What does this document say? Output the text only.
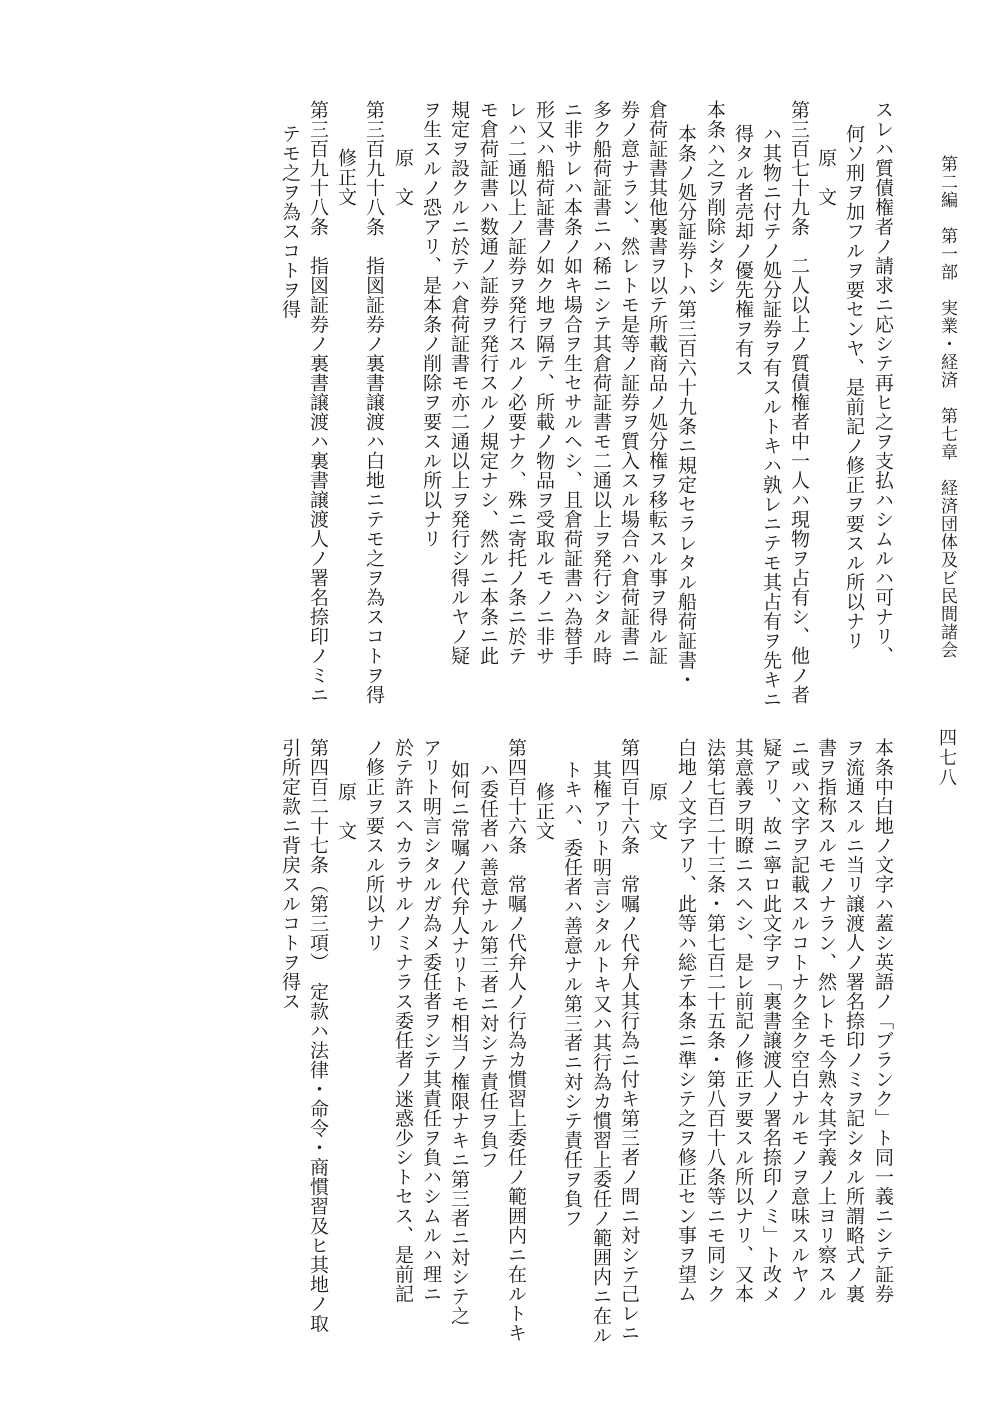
第二編　第一部　実業・経済　第七章　経済団体及ビ民間諸会
四七八
スレハ質債権者ノ請求ニ応シテ再ヒ之ヲ支払ハシムルハ可ナリ、
何ソ刑ヲ加フルヲ要センヤ、是前記ノ修正ヲ要スル所以ナリ
原　文
第三百七十九条　二人以上ノ質債権者中一人ハ現物ヲ占有シ、他ノ者
ハ其物ニ付テノ処分証券ヲ有スルトキハ孰レニテモ其占有ヲ先キニ
得タル者売却ノ優先権ヲ有ス
本条ハ之ヲ削除シタシ
本条ノ処分証券トハ第三百六十九条ニ規定セラレタル船荷証書・
倉荷証書其他裏書ヲ以テ所載商品ノ処分権ヲ移転スル事ヲ得ル証
券ノ意ナラン、然レトモ是等ノ証券ヲ質入スル場合ハ倉荷証書ニ
多ク船荷証書ニハ稀ニシテ其倉荷証書モ二通以上ヲ発行シタル時
ニ非サレハ本条ノ如キ場合ヲ生セサルヘシ、且倉荷証書ハ為替手
形又ハ船荷証書ノ如ク地ヲ隔テ、所載ノ物品ヲ受取ルモノニ非サ
レハ二通以上ノ証券ヲ発行スルノ必要ナク、殊ニ寄托ノ条ニ於テ
モ倉荷証書ハ数通ノ証券ヲ発行スルノ規定ナシ、然ルニ本条ニ此
規定ヲ設クルニ於テハ倉荷証書モ亦二通以上ヲ発行シ得ルヤノ疑
ヲ生スルノ恐アリ、是本条ノ削除ヲ要スル所以ナリ
原　文
第三百九十八条　指図証券ノ裏書譲渡ハ白地ニテモ之ヲ為スコトヲ得
修正文
第三百九十八条　指図証券ノ裏書譲渡ハ裏書譲渡人ノ署名捺印ノミニ
テモ之ヲ為スコトヲ得
本条中白地ノ文字ハ蓋シ英語ノ「ブランク」ト同一義ニシテ証券
ヲ流通スルニ当リ譲渡人ノ署名捺印ノミヲ記シタル所謂略式ノ裏
書ヲ指称スルモノナラン、然レトモ今熟々其字義ノ上ヨリ察スル
ニ或ハ文字ヲ記載スルコトナク全ク空白ナルモノヲ意味スルヤノ
疑アリ、故ニ寧ロ此文字ヲ「裏書譲渡人ノ署名捺印ノミ」ト改メ
其意義ヲ明瞭ニスヘシ、是レ前記ノ修正ヲ要スル所以ナリ、又本
法第七百二十三条・第七百二十五条・第八百十八条等ニモ同シク
白地ノ文字アリ、此等ハ総テ本条ニ準シテ之ヲ修正セン事ヲ望ム
原　文
第四百十六条　常嘱ノ代弁人其行為ニ付キ第三者ノ問ニ対シテ己レニ
其権アリト明言シタルトキ又ハ其行為カ慣習上委任ノ範囲内ニ在ル
トキハ、委任者ハ善意ナル第三者ニ対シテ責任ヲ負フ
修正文
第四百十六条　常嘱ノ代弁人ノ行為カ慣習上委任ノ範囲内ニ在ルトキ
ハ委任者ハ善意ナル第三者ニ対シテ責任ヲ負フ
如何ニ常嘱ノ代弁人ナリトモ相当ノ権限ナキニ第三者ニ対シテ之
アリト明言シタルガ為メ委任者ヲシテ其責任ヲ負ハシムルハ理ニ
於テ許スヘカラサルノミナラス委任者ノ迷惑少シトセス、是前記
ノ修正ヲ要スル所以ナリ
原　文
第四百二十七条（第三項）　定款ハ法律・命令・商慣習及ヒ其地ノ取
引所定款ニ背戻スルコトヲ得ス
